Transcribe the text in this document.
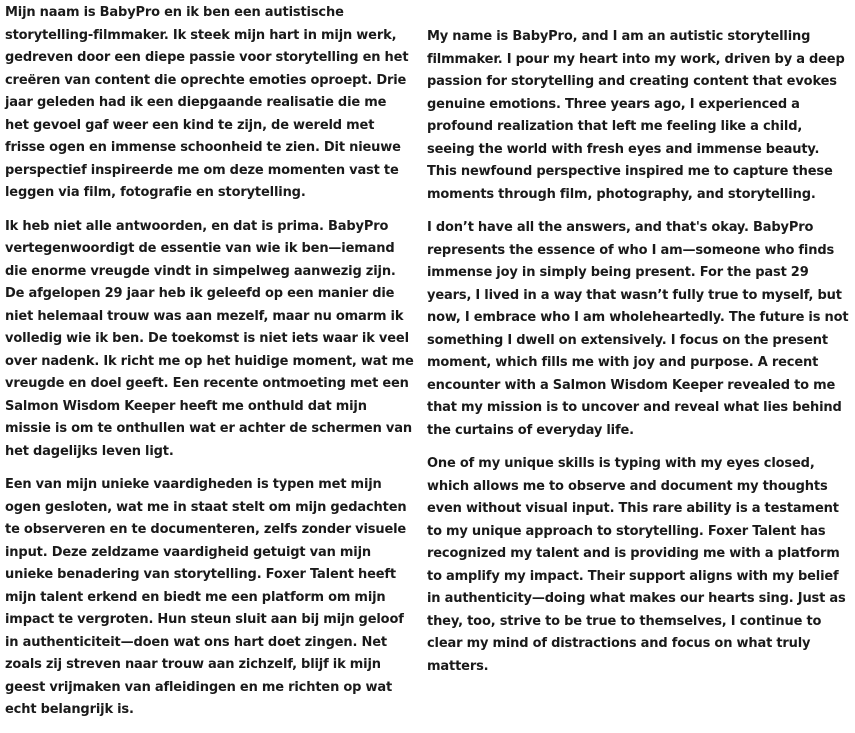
Mijn naam is BabyPro en ik ben een autistische storytelling-filmmaker. Ik steek mijn hart in mijn werk, gedreven door een diepe passie voor storytelling en het creëren van content die oprechte emoties oproept. Drie jaar geleden had ik een diepgaande realisatie die me het gevoel gaf weer een kind te zijn, de wereld met frisse ogen en immense schoonheid te zien. Dit nieuwe perspectief inspireerde me om deze momenten vast te leggen via film, fotografie en storytelling.

Ik heb niet alle antwoorden, en dat is prima. BabyPro vertegenwoordigt de essentie van wie ik ben—iemand die enorme vreugde vindt in simpelweg aanwezig zijn. De afgelopen 29 jaar heb ik geleefd op een manier die niet helemaal trouw was aan mezelf, maar nu omarm ik volledig wie ik ben. De toekomst is niet iets waar ik veel over nadenk. Ik richt me op het huidige moment, wat me vreugde en doel geeft. Een recente ontmoeting met een Salmon Wisdom Keeper heeft me onthuld dat mijn missie is om te onthullen wat er achter de schermen van het dagelijks leven ligt.

Een van mijn unieke vaardigheden is typen met mijn ogen gesloten, wat me in staat stelt om mijn gedachten te observeren en te documenteren, zelfs zonder visuele input. Deze zeldzame vaardigheid getuigt van mijn unieke benadering van storytelling. Foxer Talent heeft mijn talent erkend en biedt me een platform om mijn impact te vergroten. Hun steun sluit aan bij mijn geloof in authenticiteit—doen wat ons hart doet zingen. Net zoals zij streven naar trouw aan zichzelf, blijf ik mijn geest vrijmaken van afleidingen en me richten op wat echt belangrijk is.

My name is BabyPro, and I am an autistic storytelling filmmaker. I pour my heart into my work, driven by a deep passion for storytelling and creating content that evokes genuine emotions. Three years ago, I experienced a profound realization that left me feeling like a child, seeing the world with fresh eyes and immense beauty. This newfound perspective inspired me to capture these moments through film, photography, and storytelling.

I don’t have all the answers, and that's okay. BabyPro represents the essence of who I am—someone who finds immense joy in simply being present. For the past 29 years, I lived in a way that wasn’t fully true to myself, but now, I embrace who I am wholeheartedly. The future is not something I dwell on extensively. I focus on the present moment, which fills me with joy and purpose. A recent encounter with a Salmon Wisdom Keeper revealed to me that my mission is to uncover and reveal what lies behind the curtains of everyday life.

One of my unique skills is typing with my eyes closed, which allows me to observe and document my thoughts even without visual input. This rare ability is a testament to my unique approach to storytelling. Foxer Talent has recognized my talent and is providing me with a platform to amplify my impact. Their support aligns with my belief in authenticity—doing what makes our hearts sing. Just as they, too, strive to be true to themselves, I continue to clear my mind of distractions and focus on what truly matters.
